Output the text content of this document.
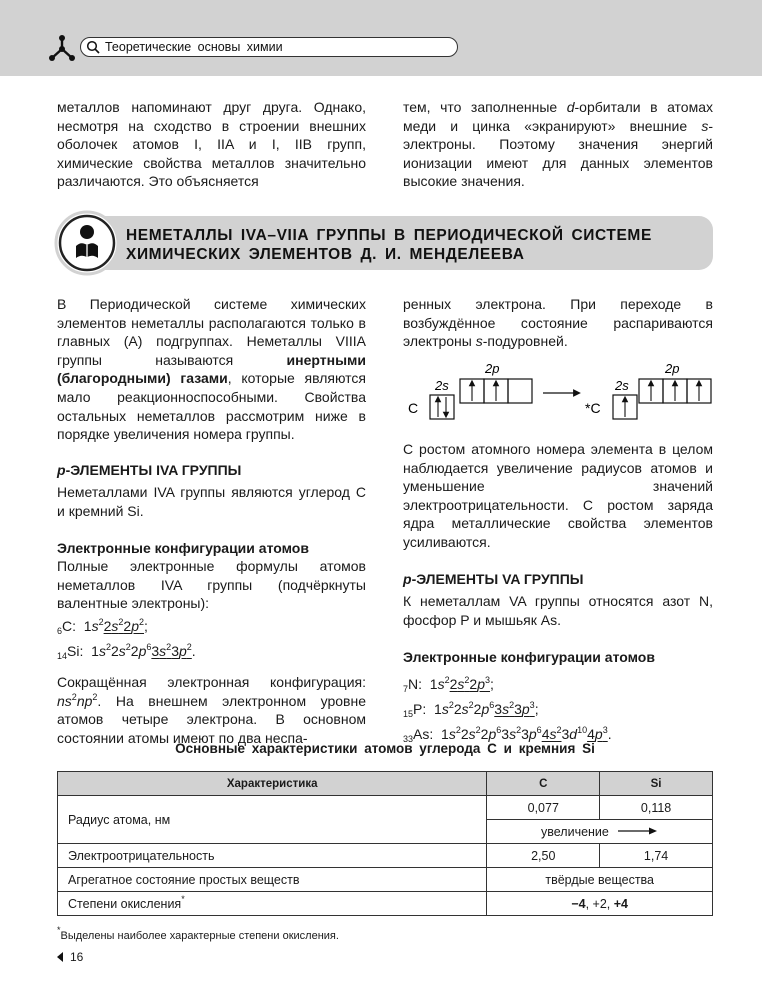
Теоретические основы химии

металлов напоминают друг друга. Однако, несмотря на сходство в строении внешних оболочек атомов I, IIA и I, IIB групп, химические свойства металлов значительно различаются. Это объясняется

тем, что заполненные d-орбитали в атомах меди и цинка «экранируют» внешние s-электроны. Поэтому значения энергий ионизации имеют для данных элементов высокие значения.

НЕМЕТАЛЛЫ IVA–VIIA ГРУППЫ В ПЕРИОДИЧЕСКОЙ СИСТЕМЕ
ХИМИЧЕСКИХ ЭЛЕМЕНТОВ Д. И. МЕНДЕЛЕЕВА

В Периодической системе химических элементов неметаллы располагаются только в главных (А) подгруппах. Неметаллы VIIIA группы называются инертными (благородными) газами, которые являются мало реакционноспособными. Свойства остальных неметаллов рассмотрим ниже в порядке увеличения номера группы.

p-ЭЛЕМЕНТЫ IVA ГРУППЫ

Неметаллами IVA группы являются углерод C и кремний Si.

Электронные конфигурации атомов

Полные электронные формулы атомов неметаллов IVA группы (подчёркнуты валентные электроны):

$_6$C:  $1s^22s^22p^2$;
$_{14}$Si:  $1s^22s^22p^63s^23p^2$.

Сокращённая электронная конфигурация: $ns^2np^2$. На внешнем электронном уровне атомов четыре электрона. В основном состоянии атомы имеют по два неспа-

ренных электрона. При переходе в возбуждённое состояние распариваются электроны s-подуровней.

2s
2p
C	*C
2s
2p

С ростом атомного номера элемента в целом наблюдается увеличение радиусов атомов и уменьшение значений электроотрицательности. С ростом заряда ядра металлические свойства элементов усиливаются.

p-ЭЛЕМЕНТЫ VA ГРУППЫ

К неметаллам VA группы относятся азот N, фосфор P и мышьяк As.

Электронные конфигурации атомов
$_7$N:  $1s^22s^22p^3$;
$_{15}$P:  $1s^22s^22p^63s^23p^3$;
$_{33}$As:  $1s^22s^22p^63s^23p^64s^23d^{10}4p^3$.
Основные характеристики атомов углерода C и кремния Si
Характеристика	C	Si
Радиус атома, нм	0,077	0,118
	увеличение	
Электроотрицательность	2,50	1,74
Агрегатное состояние простых веществ	твёрдые вещества	
Степени окисления*	−4, +2, +4	
*Выделены наиболее характерные степени окисления.
16
